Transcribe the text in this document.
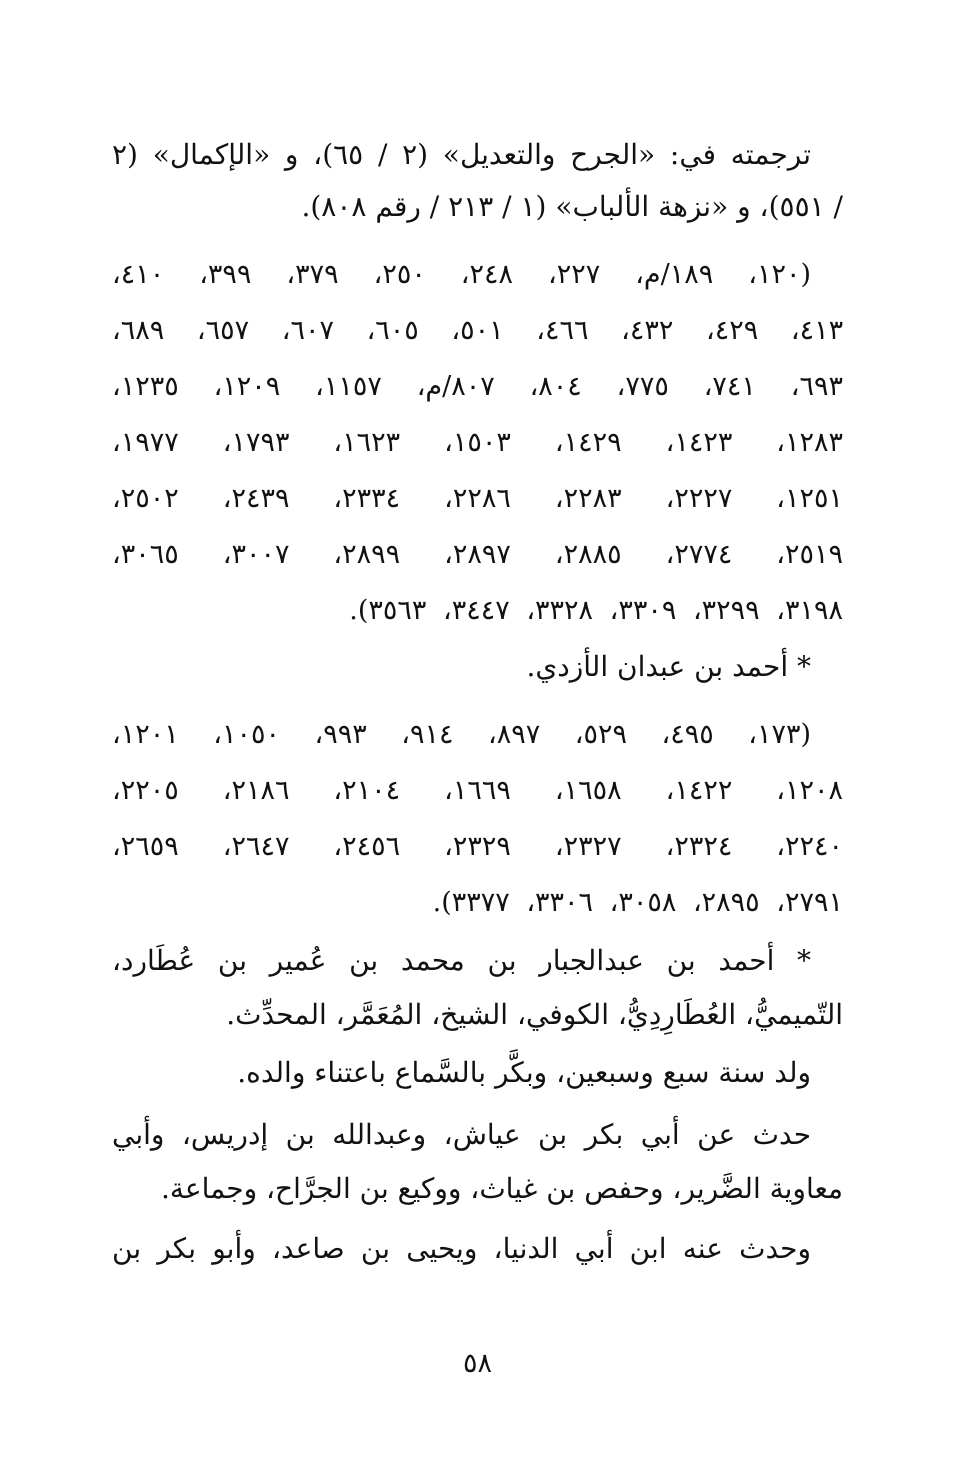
ترجمته في: «الجرح والتعديل» (٢ / ٦٥)، و «الإكمال» (٢
/ ٥٥١)، و «نزهة الألباب» (١ / ٢١٣ / رقم ٨٠٨).
(١٢٠، ١٨٩/م، ٢٢٧، ٢٤٨، ٢٥٠، ٣٧٩، ٣٩٩، ٤١٠،
٤١٣، ٤٢٩، ٤٣٢، ٤٦٦، ٥٠١، ٦٠٥، ٦٠٧، ٦٥٧، ٦٨٩،
٦٩٣، ٧٤١، ٧٧٥، ٨٠٤، ٨٠٧/م، ١١٥٧، ١٢٠٩، ١٢٣٥،
١٢٨٣، ١٤٢٣، ١٤٢٩، ١٥٠٣، ١٦٢٣، ١٧٩٣، ١٩٧٧،
١٢٥١، ٢٢٢٧، ٢٢٨٣، ٢٢٨٦، ٢٣٣٤، ٢٤٣٩، ٢٥٠٢،
٢٥١٩، ٢٧٧٤، ٢٨٨٥، ٢٨٩٧، ٢٨٩٩، ٣٠٠٧، ٣٠٦٥،
٣١٩٨، ٣٢٩٩، ٣٣٠٩، ٣٣٢٨، ٣٤٤٧، ٣٥٦٣).
* أحمد بن عبدان الأزدي.
(١٧٣، ٤٩٥، ٥٢٩، ٨٩٧، ٩١٤، ٩٩٣، ١٠٥٠، ١٢٠١،
١٢٠٨، ١٤٢٢، ١٦٥٨، ١٦٦٩، ٢١٠٤، ٢١٨٦، ٢٢٠٥،
٢٢٤٠، ٢٣٢٤، ٢٣٢٧، ٢٣٢٩، ٢٤٥٦، ٢٦٤٧، ٢٦٥٩،
٢٧٩١، ٢٨٩٥، ٣٠٥٨، ٣٣٠٦، ٣٣٧٧).
* أحمد بن عبدالجبار بن محمد بن عُمير بن عُطَارد،
التّميميُّ، العُطَارِدِيُّ، الكوفي، الشيخ، المُعَمَّر، المحدِّث.
ولد سنة سبع وسبعين، وبكَّر بالسَّماع باعتناء والده.
حدث عن أبي بكر بن عياش، وعبدالله بن إدريس، وأبي
معاوية الضَّرير، وحفص بن غياث، ووكيع بن الجرَّاح، وجماعة.
وحدث عنه ابن أبي الدنيا، ويحيى بن صاعد، وأبو بكر بن
٥٨
